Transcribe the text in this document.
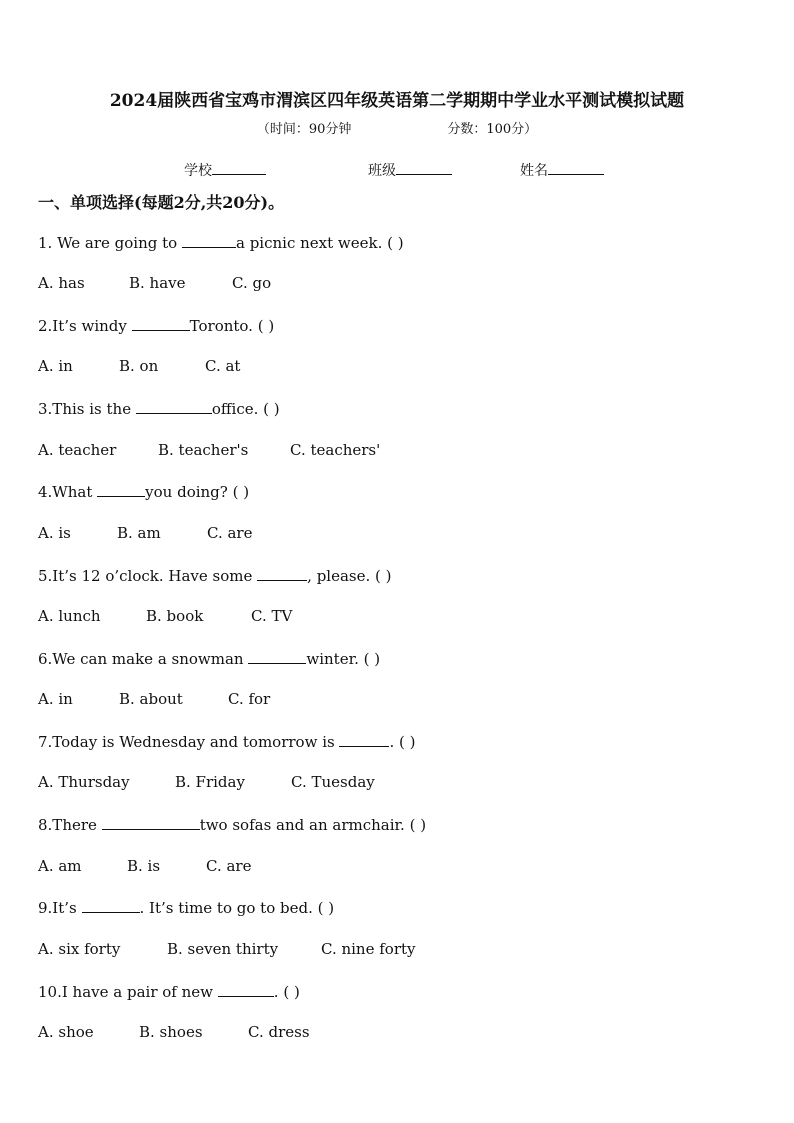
2024届陕西省宝鸡市渭滨区四年级英语第二学期期中学业水平测试模拟试题
（时间：90分钟	分数：100分）
学校	班级	姓名
一、单项选择(每题2分,共20分)。
1. We are going to	a picnic next week. ( )
A. has	B. have	C. go
2.It’s windy	Toronto. ( )
A. in	B. on	C. at
3.This is the	office. ( )
A. teacher	B. teacher's	C. teachers'
4.What	you doing? ( )
A. is	B. am	C. are
5.It’s 12 o’clock. Have some	, please. ( )
A. lunch	B. book	C. TV
6.We can make a snowman	winter. ( )
A. in	B. about	C. for
7.Today is Wednesday and tomorrow is	. ( )
A. Thursday	B. Friday	C. Tuesday
8.There	two sofas and an armchair. ( )
A. am	B. is	C. are
9.It’s	. It’s time to go to bed. ( )
A. six forty	B. seven thirty	C. nine forty
10.I have a pair of new	. ( )
A. shoe	B. shoes	C. dress
